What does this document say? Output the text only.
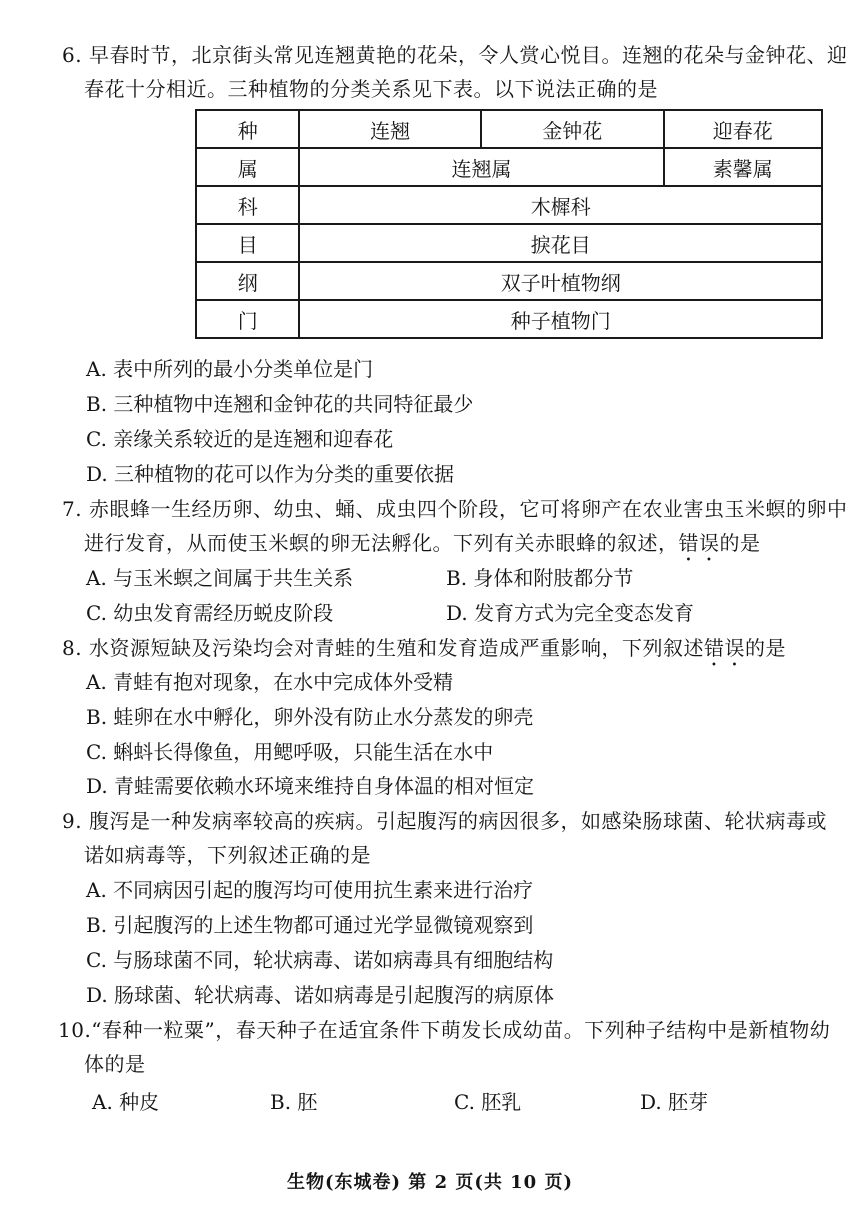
6. 早春时节，北京街头常见连翘黄艳的花朵，令人赏心悦目。连翘的花朵与金钟花、迎
春花十分相近。三种植物的分类关系见下表。以下说法正确的是
种	连翘	金钟花	迎春花
属	连翘属		素馨属
科	木樨科		
目	捩花目		
纲	双子叶植物纲		
门	种子植物门		
A. 表中所列的最小分类单位是门
B. 三种植物中连翘和金钟花的共同特征最少
C. 亲缘关系较近的是连翘和迎春花
D. 三种植物的花可以作为分类的重要依据
7. 赤眼蜂一生经历卵、幼虫、蛹、成虫四个阶段，它可将卵产在农业害虫玉米螟的卵中
进行发育，从而使玉米螟的卵无法孵化。下列有关赤眼蜂的叙述，错误的是
A. 与玉米螟之间属于共生关系	B. 身体和附肢都分节
C. 幼虫发育需经历蜕皮阶段	D. 发育方式为完全变态发育
8. 水资源短缺及污染均会对青蛙的生殖和发育造成严重影响，下列叙述错误的是
A. 青蛙有抱对现象，在水中完成体外受精
B. 蛙卵在水中孵化，卵外没有防止水分蒸发的卵壳
C. 蝌蚪长得像鱼，用鳃呼吸，只能生活在水中
D. 青蛙需要依赖水环境来维持自身体温的相对恒定
9. 腹泻是一种发病率较高的疾病。引起腹泻的病因很多，如感染肠球菌、轮状病毒或
诺如病毒等，下列叙述正确的是
A. 不同病因引起的腹泻均可使用抗生素来进行治疗
B. 引起腹泻的上述生物都可通过光学显微镜观察到
C. 与肠球菌不同，轮状病毒、诺如病毒具有细胞结构
D. 肠球菌、轮状病毒、诺如病毒是引起腹泻的病原体
10.“春种一粒粟”，春天种子在适宜条件下萌发长成幼苗。下列种子结构中是新植物幼
体的是
A. 种皮	B. 胚	C. 胚乳	D. 胚芽
生物(东城卷) 第 2 页(共 10 页)
